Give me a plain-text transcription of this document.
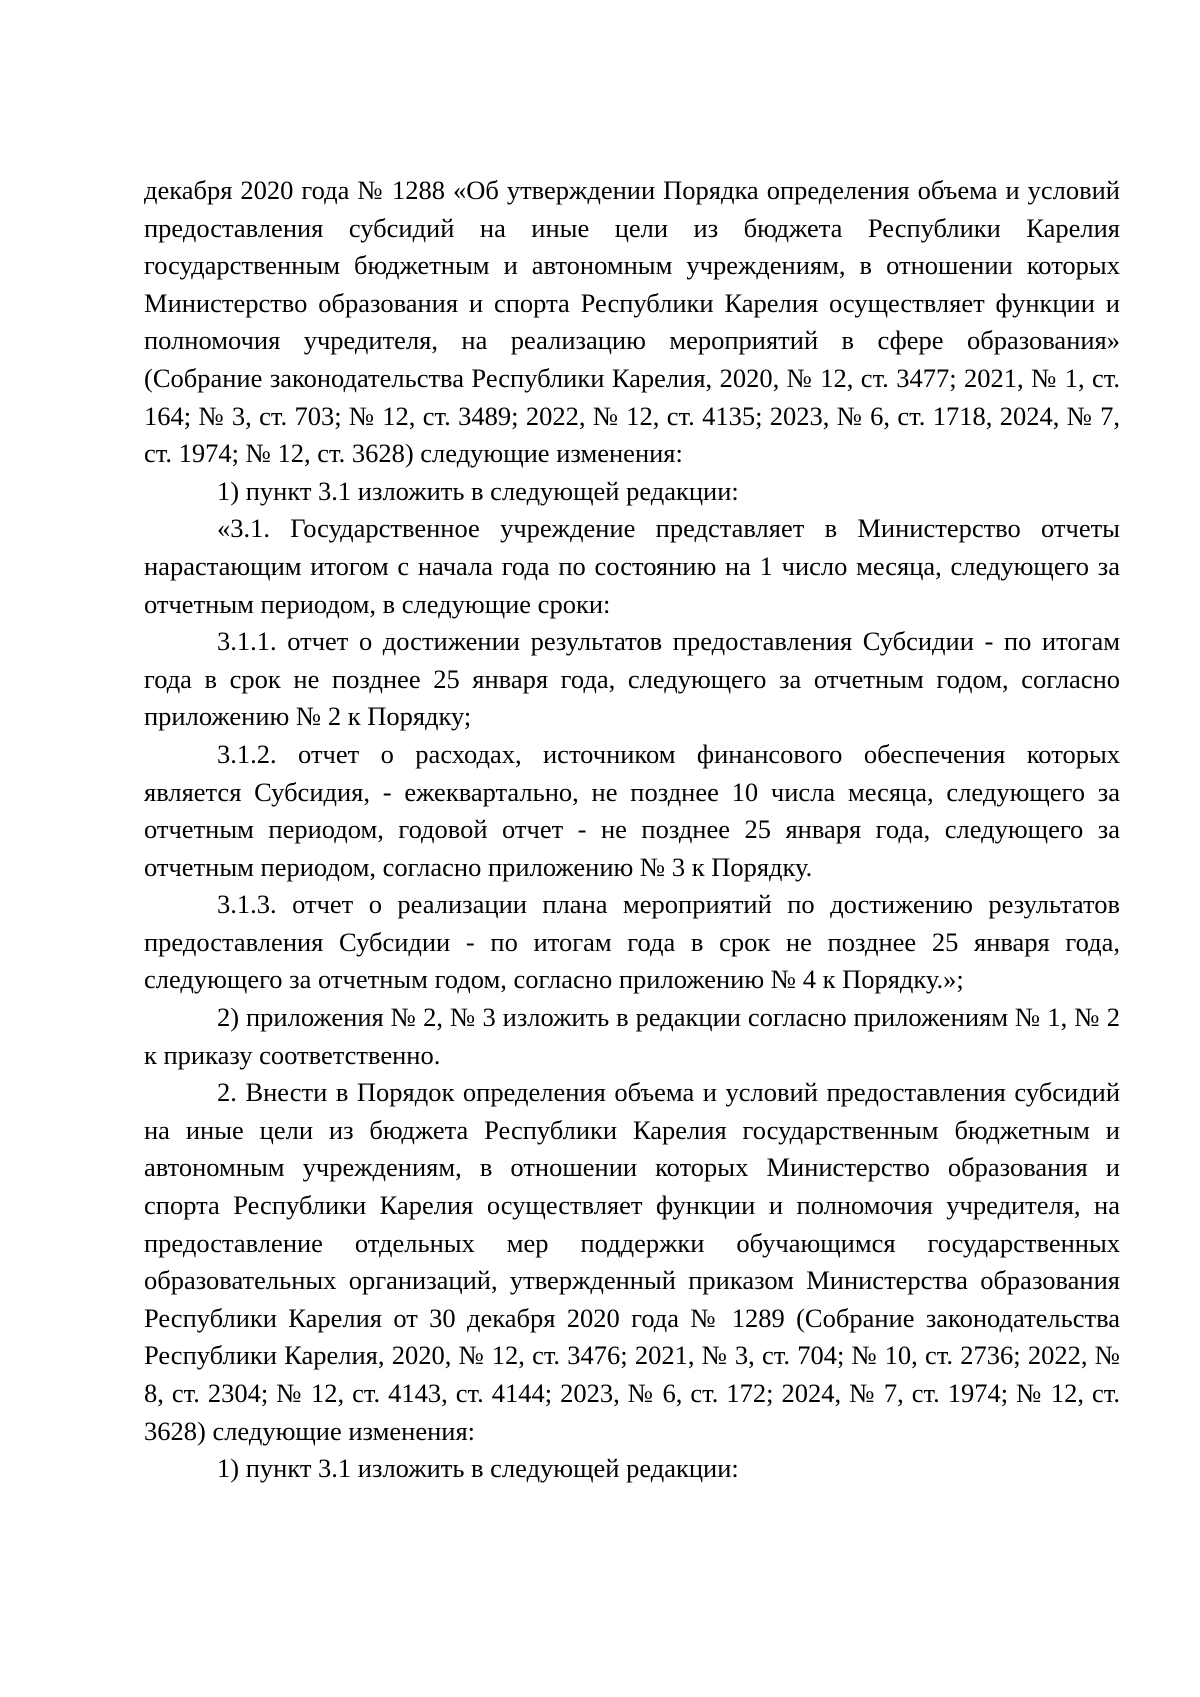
декабря 2020 года № 1288 «Об утверждении Порядка определения объема и условий предоставления субсидий на иные цели из бюджета Республики Карелия государственным бюджетным и автономным учреждениям, в отношении которых Министерство образования и спорта Республики Карелия осуществляет функции и полномочия учредителя, на реализацию мероприятий в сфере образования» (Собрание законодательства Республики Карелия, 2020, № 12, ст. 3477; 2021, № 1, ст. 164; № 3, ст. 703; № 12, ст. 3489; 2022, № 12, ст. 4135; 2023, № 6, ст. 1718, 2024, № 7, ст. 1974; № 12, ст. 3628) следующие изменения:

1) пункт 3.1 изложить в следующей редакции:

«3.1. Государственное учреждение представляет в Министерство отчеты нарастающим итогом с начала года по состоянию на 1 число месяца, следующего за отчетным периодом, в следующие сроки:

3.1.1. отчет о достижении результатов предоставления Субсидии - по итогам года в срок не позднее 25 января года, следующего за отчетным годом, согласно приложению № 2 к Порядку;

3.1.2. отчет о расходах, источником финансового обеспечения которых является Субсидия, - ежеквартально, не позднее 10 числа месяца, следующего за отчетным периодом, годовой отчет - не позднее 25 января года, следующего за отчетным периодом, согласно приложению № 3 к Порядку.

3.1.3. отчет о реализации плана мероприятий по достижению результатов предоставления Субсидии - по итогам года в срок не позднее 25 января года, следующего за отчетным годом, согласно приложению № 4 к Порядку.»;

2) приложения № 2, № 3 изложить в редакции согласно приложениям № 1, № 2 к приказу соответственно.

2. Внести в Порядок определения объема и условий предоставления субсидий на иные цели из бюджета Республики Карелия государственным бюджетным и автономным учреждениям, в отношении которых Министерство образования и спорта Республики Карелия осуществляет функции и полномочия учредителя, на предоставление отдельных мер поддержки обучающимся государственных образовательных организаций, утвержденный приказом Министерства образования Республики Карелия от 30 декабря 2020 года № 1289 (Собрание законодательства Республики Карелия, 2020, № 12, ст. 3476; 2021, № 3, ст. 704; № 10, ст. 2736; 2022, № 8, ст. 2304; № 12, ст. 4143, ст. 4144; 2023, № 6, ст. 172; 2024, № 7, ст. 1974; № 12, ст. 3628) следующие изменения:

1) пункт 3.1 изложить в следующей редакции:
